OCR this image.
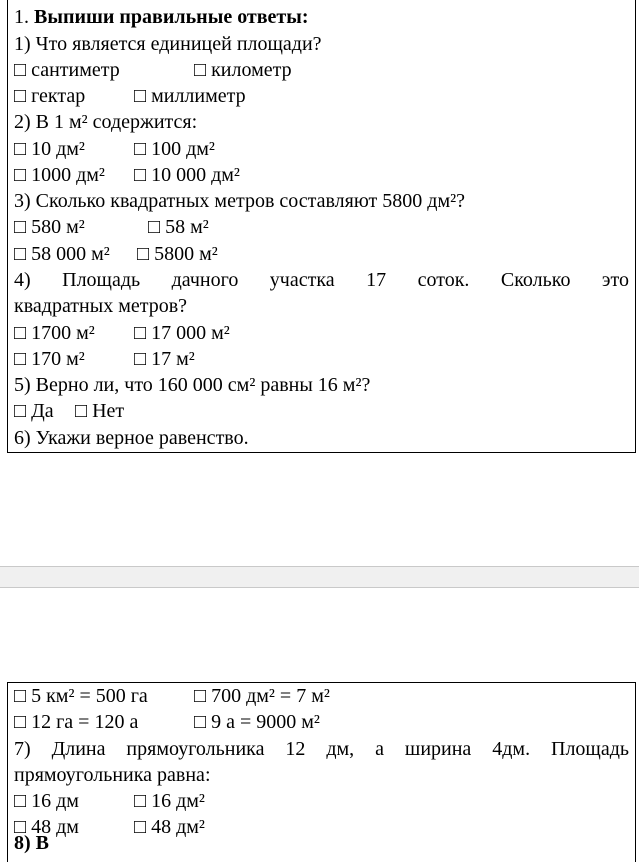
1. Выпиши правильные ответы:
1) Что является единицей площади?
□ сантиметр	□ километр
□ гектар □ миллиметр
2) В 1 м² содержится:
□ 10 дм² □ 100 дм²
□ 1000 дм² □ 10 000 дм²
3) Сколько квадратных метров составляют 5800 дм²?
□ 580 м²	□ 58 м²
□ 58 000 м² □ 5800 м²
4) Площадь дачного участка 17 соток. Сколько это
квадратных метров?
□ 1700 м² □ 17 000 м²
□ 170 м² □ 17 м²
5) Верно ли, что 160 000 см² равны 16 м²?
□ Да □ Нет
6) Укажи верное равенство.
□ 5 км² = 500 га □ 700 дм² = 7 м²
□ 12 га = 120 а	□ 9 а = 9000 м²
7) Длина прямоугольника 12 дм, а ширина 4дм. Площадь
прямоугольника равна:
□ 16 дм	□ 16 дм²
□ 48 дм	□ 48 дм²
8) В
